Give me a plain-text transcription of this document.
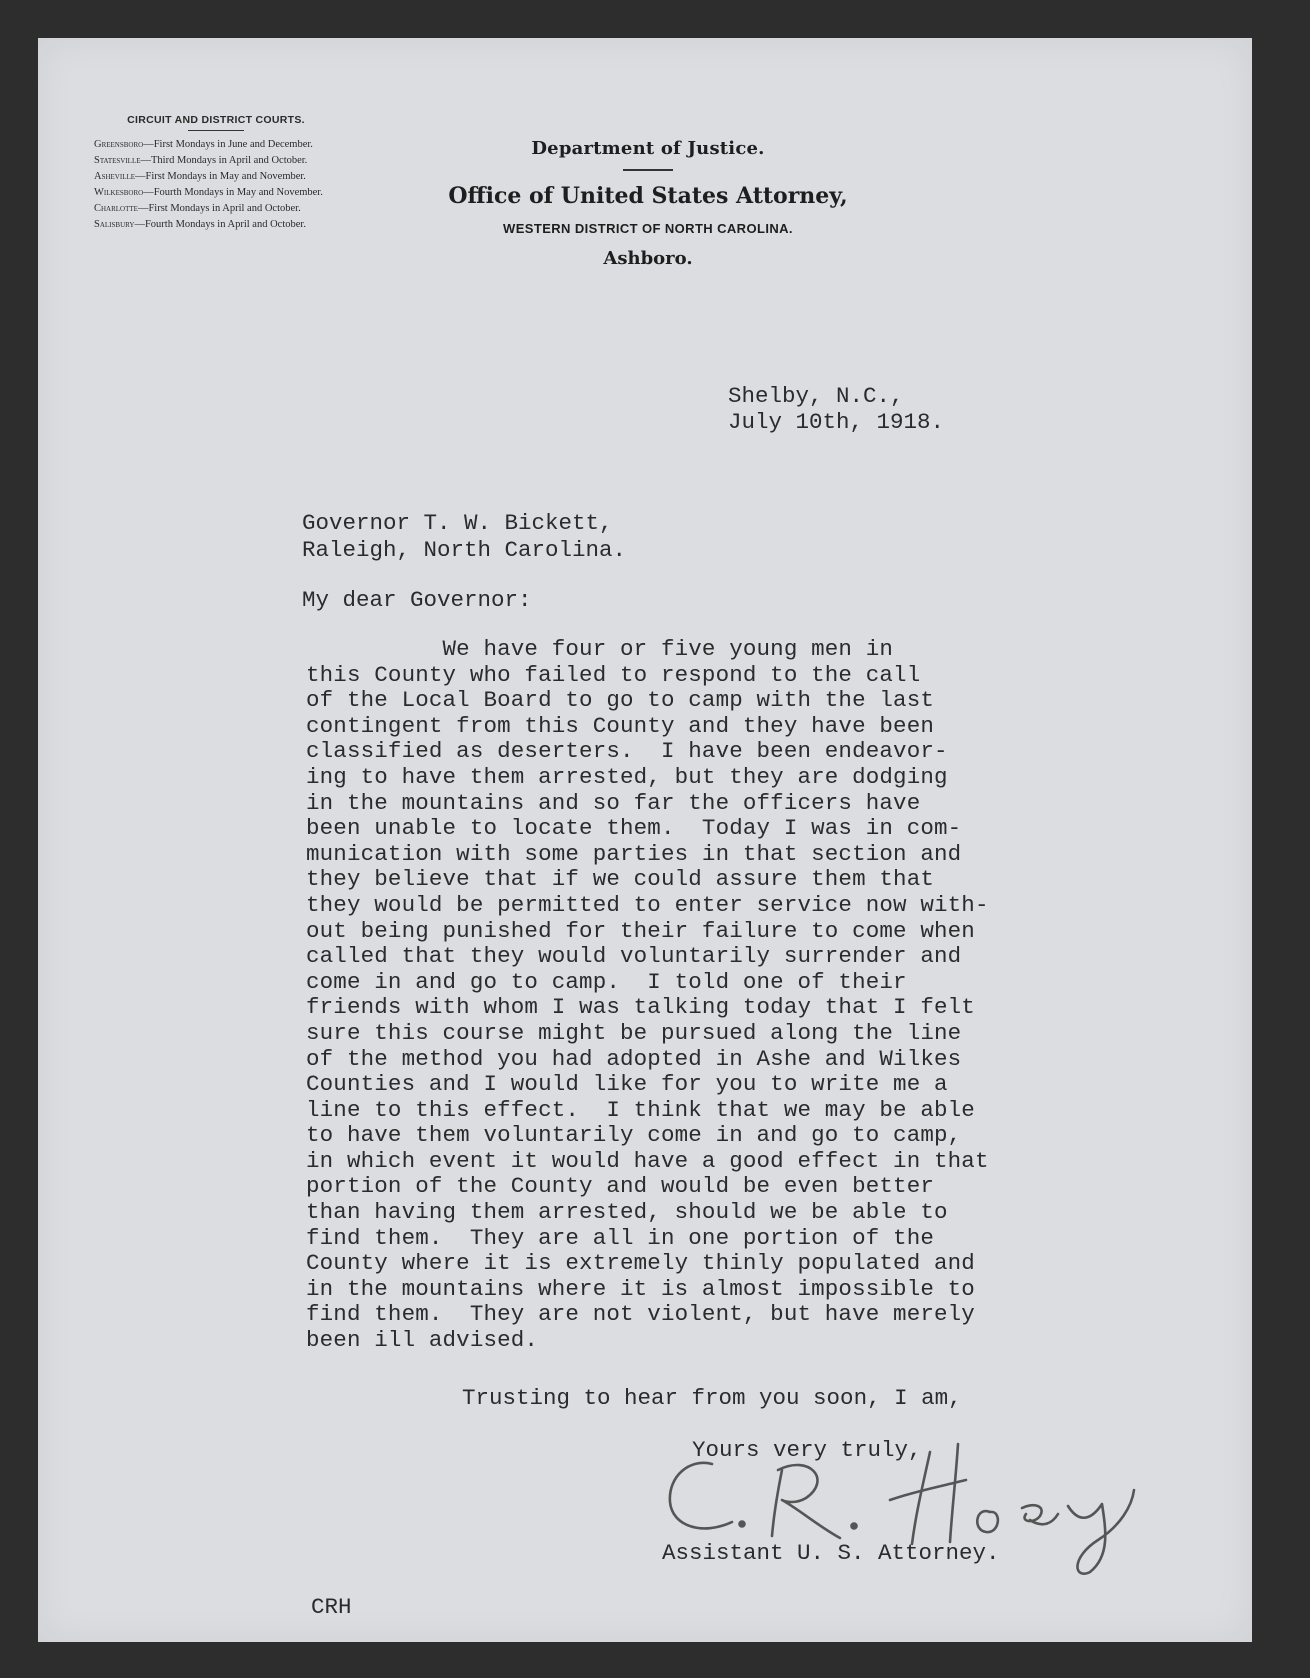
CIRCUIT AND DISTRICT COURTS.
Greensboro—First Mondays in June and December.
Statesville—Third Mondays in April and October.
Asheville—First Mondays in May and November.
Wilkesboro—Fourth Mondays in May and November.
Charlotte—First Mondays in April and October.
Salisbury—Fourth Mondays in April and October.
Department of Justice.
Office of United States Attorney,
WESTERN DISTRICT OF NORTH CAROLINA.
Ashboro.
Shelby, N.C.,
July 10th, 1918.
Governor T. W. Bickett,
Raleigh, North Carolina.
My dear Governor:
We have four or five young men in
this County who failed to respond to the call
of the Local Board to go to camp with the last
contingent from this County and they have been
classified as deserters.  I have been endeavor-
ing to have them arrested, but they are dodging
in the mountains and so far the officers have
been unable to locate them.  Today I was in com-
munication with some parties in that section and
they believe that if we could assure them that
they would be permitted to enter service now with-
out being punished for their failure to come when
called that they would voluntarily surrender and
come in and go to camp.  I told one of their
friends with whom I was talking today that I felt
sure this course might be pursued along the line
of the method you had adopted in Ashe and Wilkes
Counties and I would like for you to write me a
line to this effect.  I think that we may be able
to have them voluntarily come in and go to camp,
in which event it would have a good effect in that
portion of the County and would be even better
than having them arrested, should we be able to
find them.  They are all in one portion of the
County where it is extremely thinly populated and
in the mountains where it is almost impossible to
find them.  They are not violent, but have merely
been ill advised.
Trusting to hear from you soon, I am,
Yours very truly,
Assistant U. S. Attorney.
CRH
